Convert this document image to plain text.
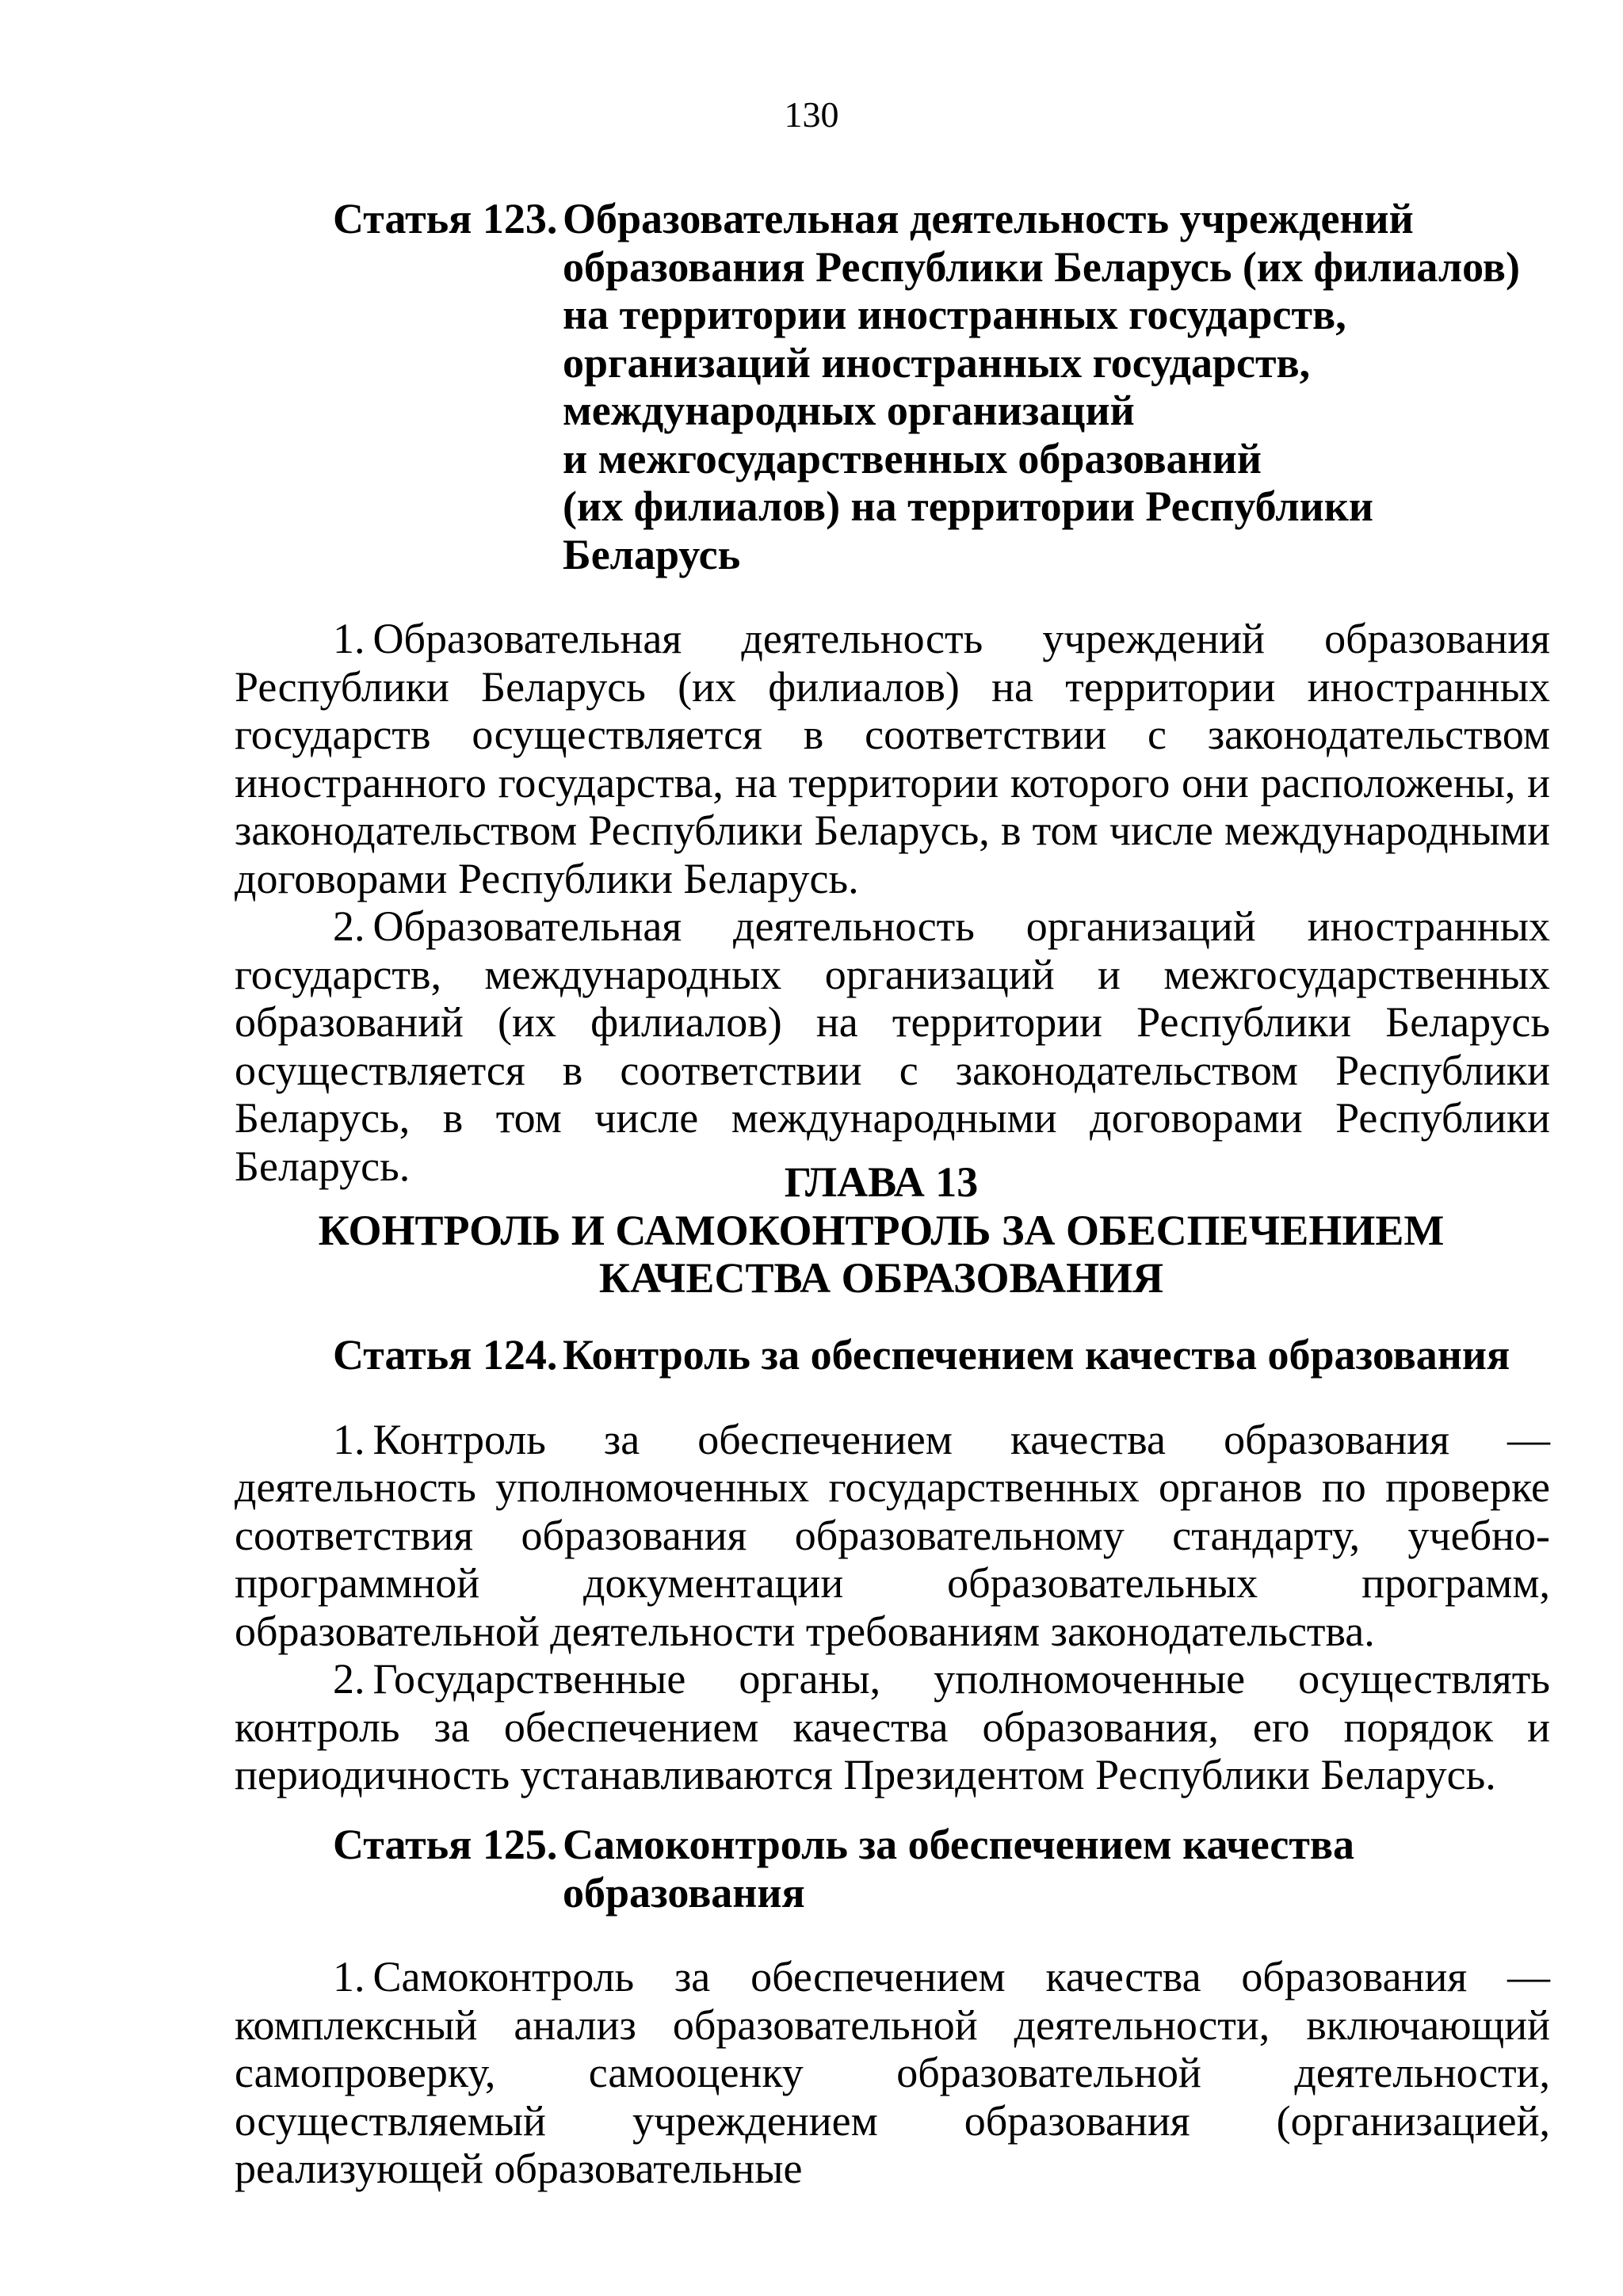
130
Статья 123. Образовательная деятельность учреждений
образования Республики Беларусь (их филиалов)
на территории иностранных государств,
организаций иностранных государств,
международных организаций
и межгосударственных образований
(их филиалов) на территории Республики
Беларусь

1. Образовательная деятельность учреждений образования Республики Беларусь (их филиалов) на территории иностранных государств осуществляется в соответствии с законодательством иностранного государства, на территории которого они расположены, и законодательством Республики Беларусь, в том числе международными договорами Республики Беларусь.

2. Образовательная деятельность организаций иностранных государств, международных организаций и межгосударственных образований (их филиалов) на территории Республики Беларусь осуществляется в соответствии с законодательством Республики Беларусь, в том числе международными договорами Республики Беларусь.	ГЛАВА 13
КОНТРОЛЬ И САМОКОНТРОЛЬ ЗА ОБЕСПЕЧЕНИЕМ
КАЧЕСТВА ОБРАЗОВАНИЯ
Статья 124. Контроль за обеспечением качества образования

1. Контроль за обеспечением качества образования — деятельность уполномоченных государственных органов по проверке соответствия образования образовательному стандарту, учебно-программной документации образовательных программ, образовательной деятельности требованиям законодательства.

2. Государственные органы, уполномоченные осуществлять контроль за обеспечением качества образования, его порядок и периодичность устанавливаются Президентом Республики Беларусь.

Статья 125. Самоконтроль за обеспечением качества
образования

1. Самоконтроль за обеспечением качества образования — комплексный анализ образовательной деятельности, включающий самопроверку, самооценку образовательной деятельности, осуществляемый учреждением образования (организацией, реализующей образовательные
